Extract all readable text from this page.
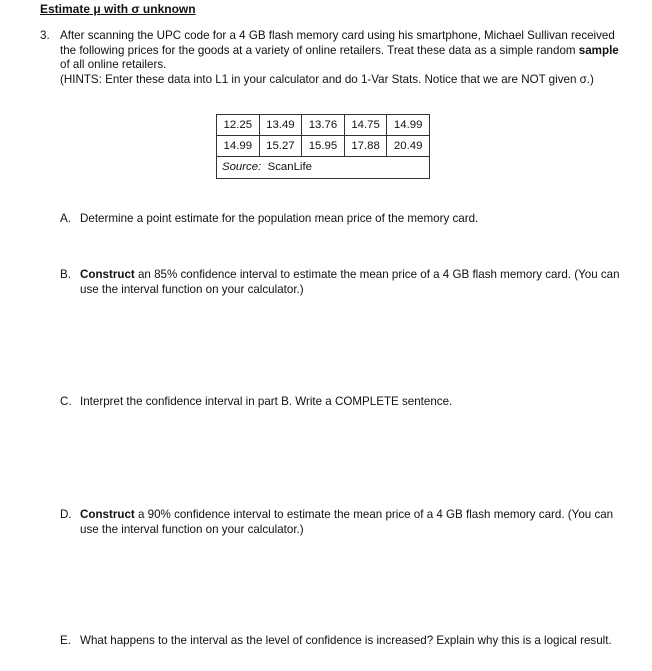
Estimate μ with σ unknown
3. After scanning the UPC code for a 4 GB flash memory card using his smartphone, Michael Sullivan received the following prices for the goods at a variety of online retailers. Treat these data as a simple random sample of all online retailers.
(HINTS: Enter these data into L1 in your calculator and do 1-Var Stats. Notice that we are NOT given σ.)
12.25	13.49	13.76	14.75	14.99
14.99	15.27	15.95	17.88	20.49
Source: ScanLife				
A. Determine a point estimate for the population mean price of the memory card.
B. Construct an 85% confidence interval to estimate the mean price of a 4 GB flash memory card. (You can use the interval function on your calculator.)
C. Interpret the confidence interval in part B. Write a COMPLETE sentence.
D. Construct a 90% confidence interval to estimate the mean price of a 4 GB flash memory card. (You can use the interval function on your calculator.)
E. What happens to the interval as the level of confidence is increased? Explain why this is a logical result.
